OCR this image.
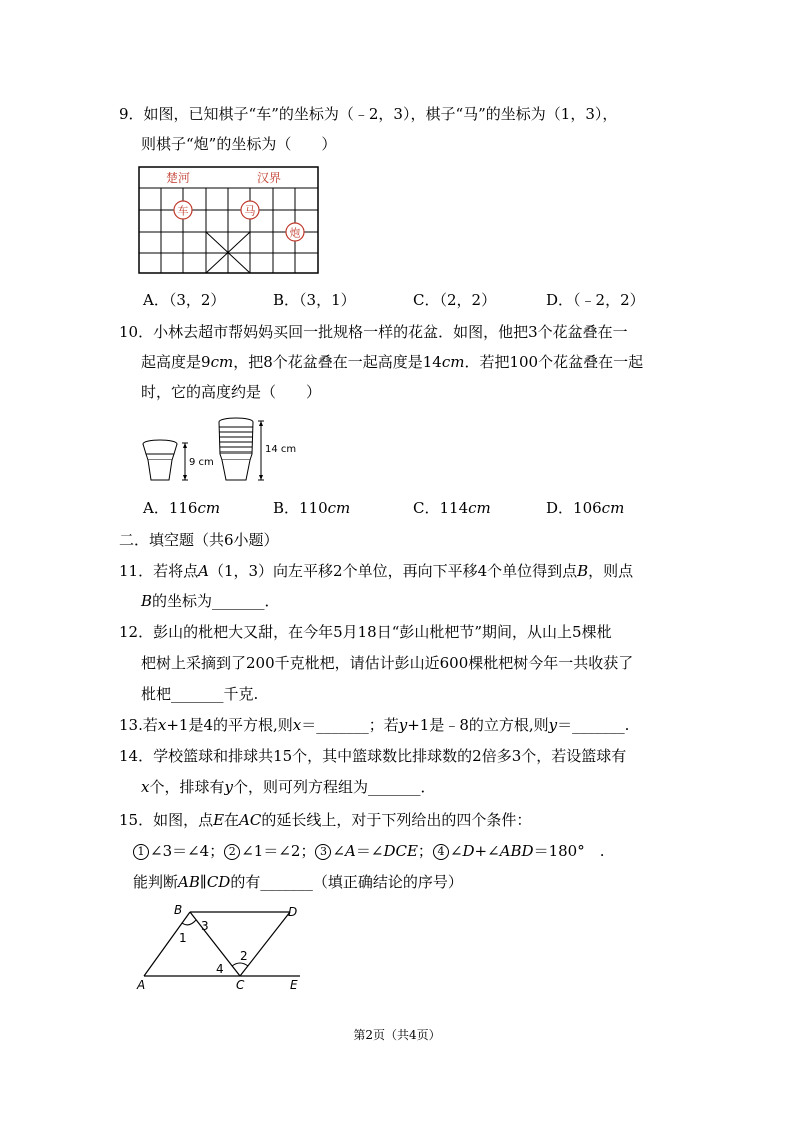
9．如图，已知棋子“车”的坐标为（﹣2，3），棋子“马”的坐标为（1，3），
则棋子“炮”的坐标为（　　）
楚河	汉界
车	马
炮
A．（3，2）	B．（3，1）	C．（2，2）	D．（﹣2，2）
10．小林去超市帮妈妈买回一批规格一样的花盆．如图，他把3个花盆叠在一
起高度是9cm，把8个花盆叠在一起高度是14cm．若把100个花盆叠在一起
时，它的高度约是（　　）
9 cm
14 cm
A．116cm	B．110cm	C．114cm	D．106cm
二．填空题（共6小题）
11．若将点A（1，3）向左平移2个单位，再向下平移4个单位得到点B，则点
B的坐标为_______．
12．彭山的枇杷大又甜，在今年5月18日“彭山枇杷节”期间，从山上5棵枇
杷树上采摘到了200千克枇杷，请估计彭山近600棵枇杷树今年一共收获了
枇杷_______千克.
13.若x+1是4的平方根,则x＝_______；若y+1是﹣8的立方根,则y＝_______.
14．学校篮球和排球共15个，其中篮球数比排球数的2倍多3个，若设篮球有
x个，排球有y个，则可列方程组为_______．
15．如图，点E在AC的延长线上，对于下列给出的四个条件：
1 ∠3＝∠4； 2 ∠1＝∠2； 3 ∠A＝∠DCE； 4 ∠D+∠ABD＝180°　.
能判断AB∥CD的有_______（填正确结论的序号）
B	D
A	C	E
1
3
2
4
第2页（共4页）
